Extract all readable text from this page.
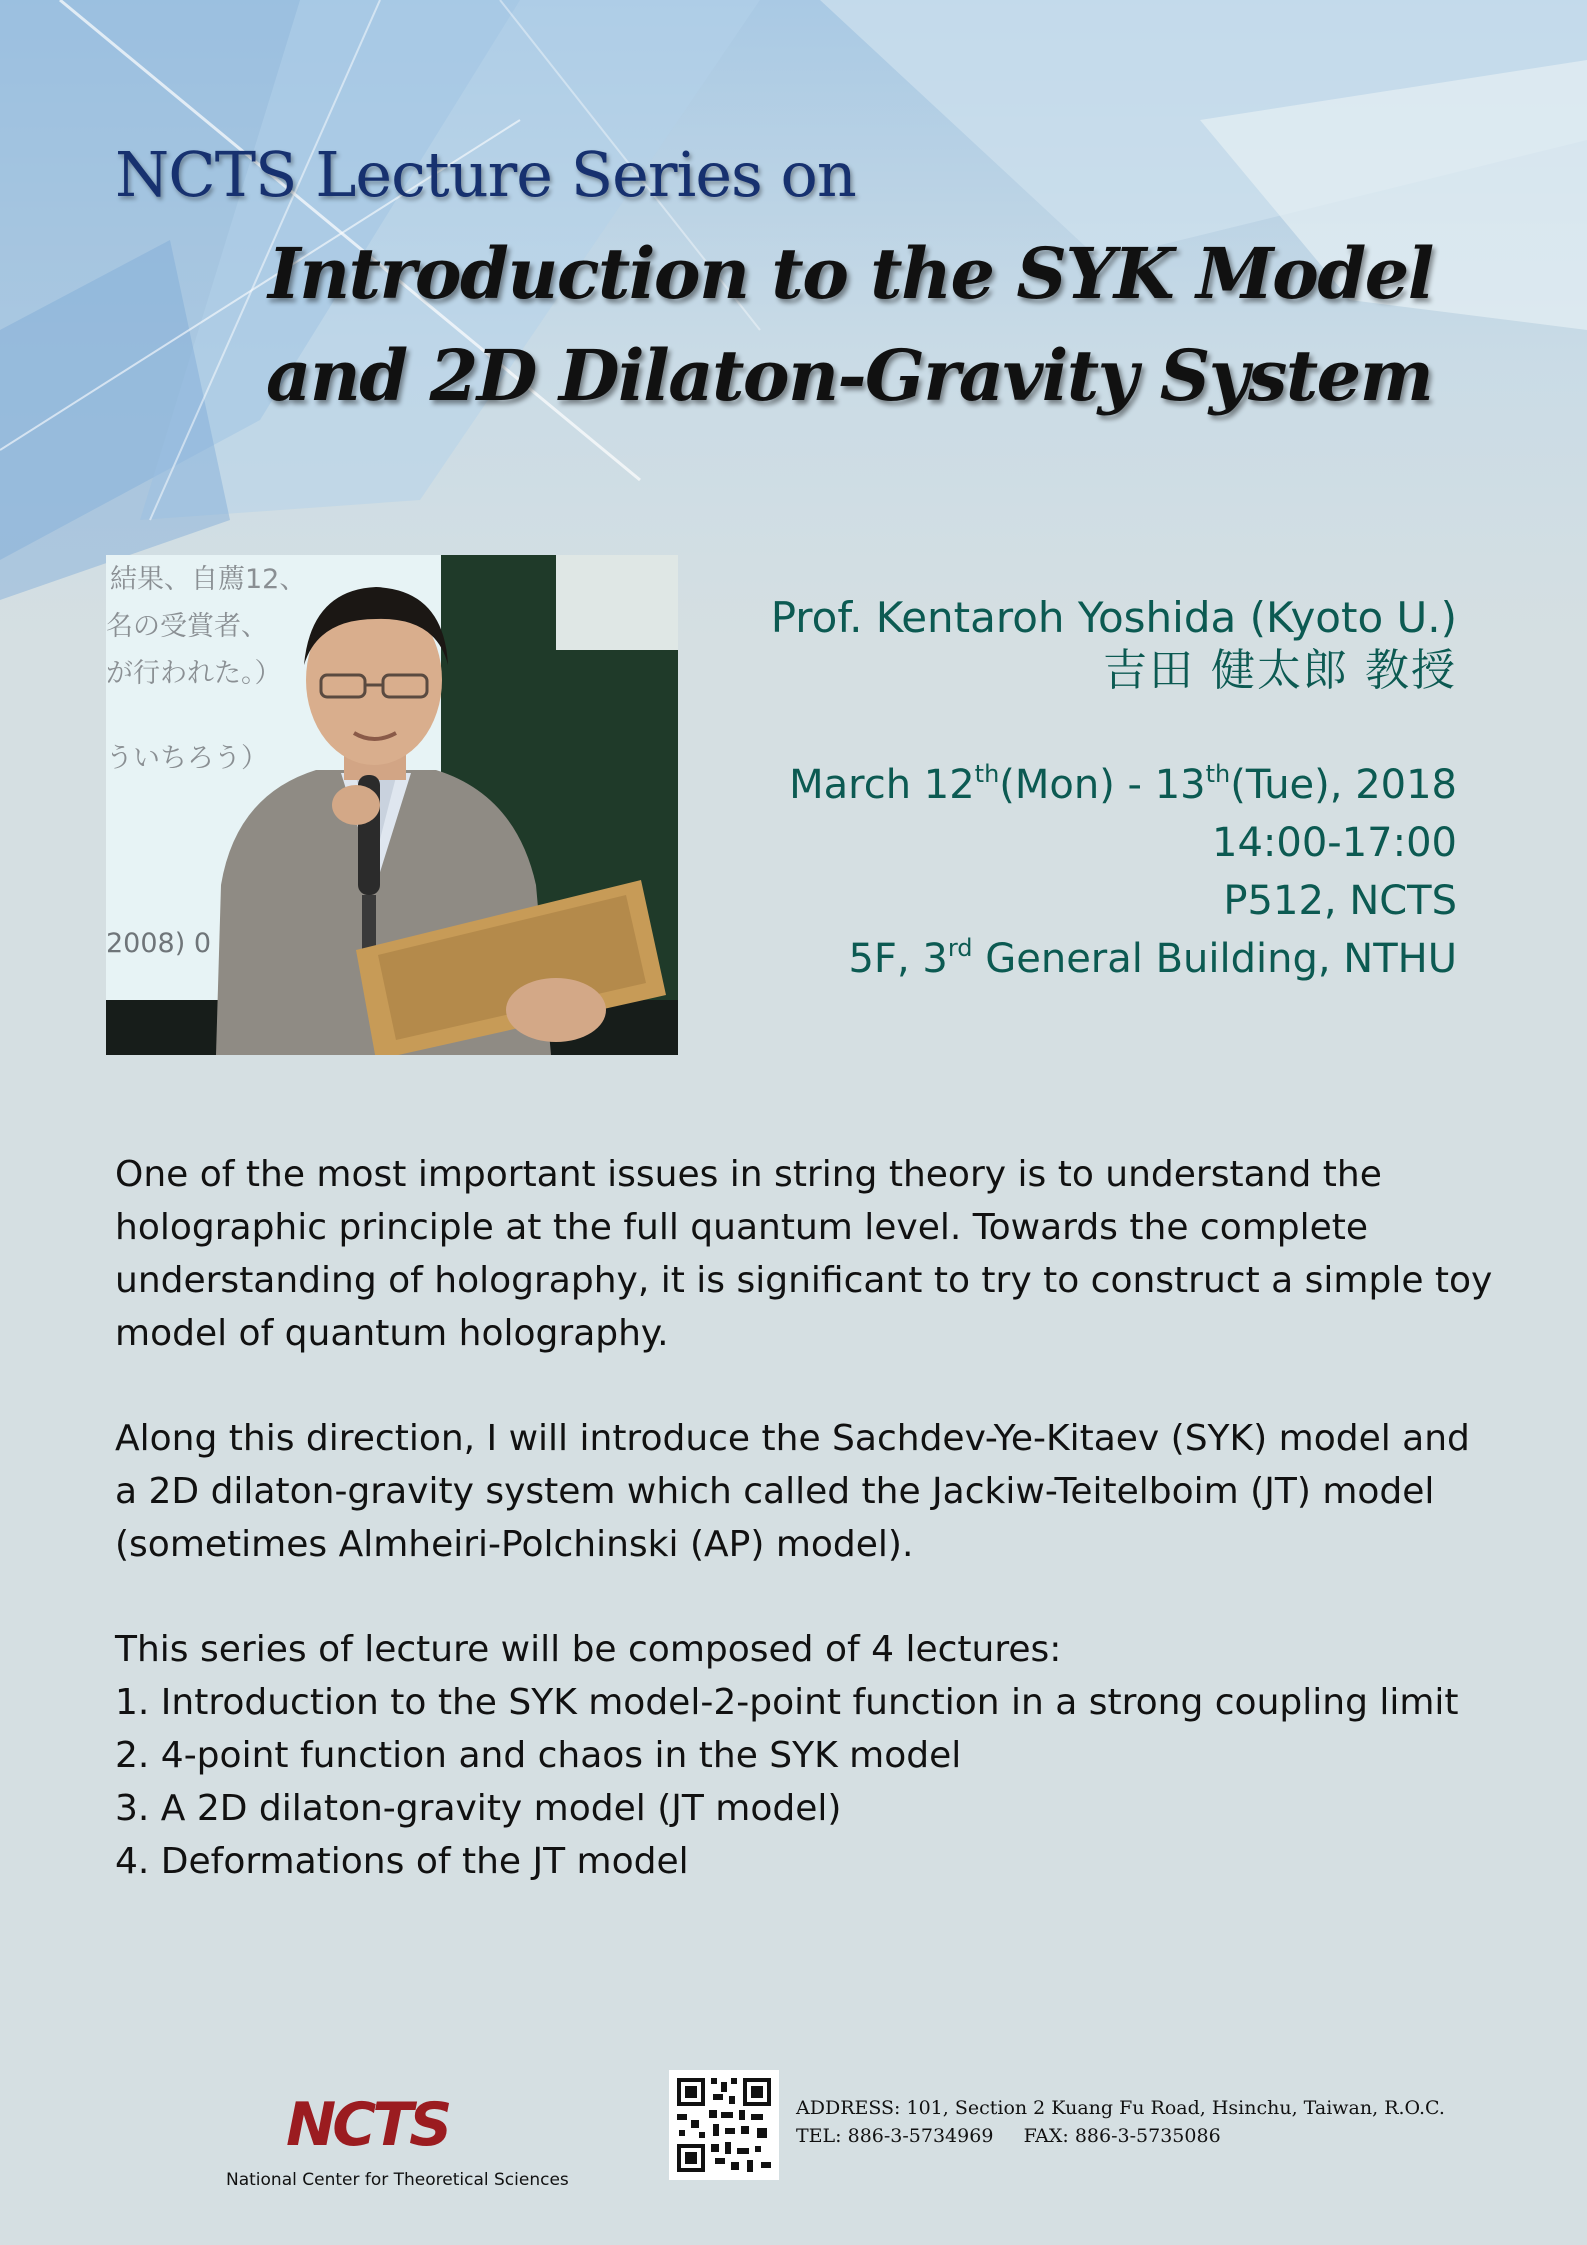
NCTS Lecture Series on
Introduction to the SYK Model
and 2D Dilaton-Gravity System
結果、自薦12、
名の受賞者、
が行われた。）
ういちろう）
2008) 0
Prof. Kentaroh Yoshida (Kyoto U.)
吉田 健太郎 教授
March 12th(Mon) - 13th(Tue), 2018
14:00-17:00
P512, NCTS
5F, 3rd General Building, NTHU

One of the most important issues in string theory is to understand the holographic principle at the full quantum level. Towards the complete understanding of holography, it is significant to try to construct a simple toy model of quantum holography.

Along this direction, I will introduce the Sachdev-Ye-Kitaev (SYK) model and a 2D dilaton-gravity system which called the Jackiw-Teitelboim (JT) model (sometimes Almheiri-Polchinski (AP) model).

This series of lecture will be composed of 4 lectures:
1. Introduction to the SYK model-2-point function in a strong coupling limit
2. 4-point function and chaos in the SYK model
3. A 2D dilaton-gravity model (JT model)
4. Deformations of the JT model
NCTS
National Center for Theoretical Sciences
ADDRESS: 101, Section 2 Kuang Fu Road, Hsinchu, Taiwan, R.O.C.
TEL: 886-3-5734969 FAX: 886-3-5735086
